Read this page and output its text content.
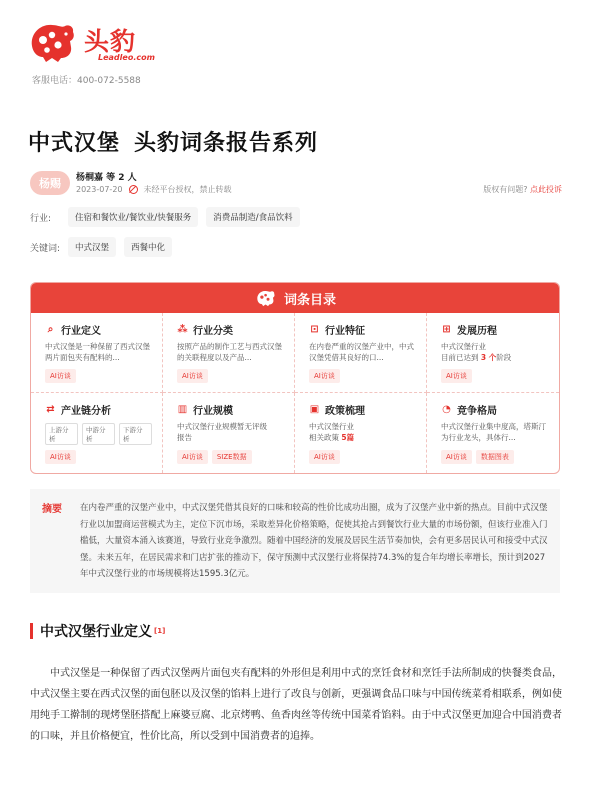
头豹
Leadleo.com
客服电话：400-072-5588
中式汉堡 头豹词条报告系列
杨赐	杨桐嘉 等 2 人
2023-07-20	未经平台授权，禁止转载	版权有问题? 点此投诉
行业:	住宿和餐饮业/餐饮业/快餐服务	消费品制造/食品饮料
关键词:	中式汉堡	西餐中化
词条目录
⌕ 行业定义
中式汉堡是一种保留了西式汉堡两片面包夹有配料的...
AI访谈
⁂ 行业分类
按照产品的制作工艺与西式汉堡的关联程度以及产品...
AI访谈
⊡ 行业特征
在内卷严重的汉堡产业中，中式汉堡凭借其良好的口...
AI访谈
⊞ 发展历程
中式汉堡行业
目前已达到 3 个阶段
AI访谈
⇄ 产业链分析
上游分析
中游分析
下游分析
AI访谈
▥ 行业规模
中式汉堡行业规模暂无评级报告
AI访谈	SIZE数据
▣ 政策梳理
中式汉堡行业
相关政策 5篇
AI访谈
◔ 竞争格局
中式汉堡行业集中度高，塔斯汀为行业龙头，具体行...
AI访谈	数据图表
摘要	在内卷严重的汉堡产业中，中式汉堡凭借其良好的口味和较高的性价比成功出圈，成为了汉堡产业中新的热点。目前中式汉堡行业以加盟商运营模式为主，定位下沉市场，采取差异化价格策略，促使其抢占到餐饮行业大量的市场份额，但该行业准入门槛低，大量资本涌入该赛道，导致行业竞争激烈。随着中国经济的发展及居民生活节奏加快，会有更多居民认可和接受中式汉堡。未来五年，在居民需求和门店扩张的推动下，保守预测中式汉堡行业将保持74.3%的复合年均增长率增长，预计到2027年中式汉堡行业的市场规模将达1595.3亿元。
中式汉堡行业定义 [1]
中式汉堡是一种保留了西式汉堡两片面包夹有配料的外形但是利用中式的烹饪食材和烹饪手法所制成的快餐类食品，中式汉堡主要在西式汉堡的面包胚以及汉堡的馅料上进行了改良与创新，更强调食品口味与中国传统菜肴相联系，例如使用纯手工擀制的现烤堡胚搭配上麻婆豆腐、北京烤鸭、鱼香肉丝等传统中国菜肴馅料。由于中式汉堡更加迎合中国消费者的口味，并且价格便宜，性价比高，所以受到中国消费者的追捧。
